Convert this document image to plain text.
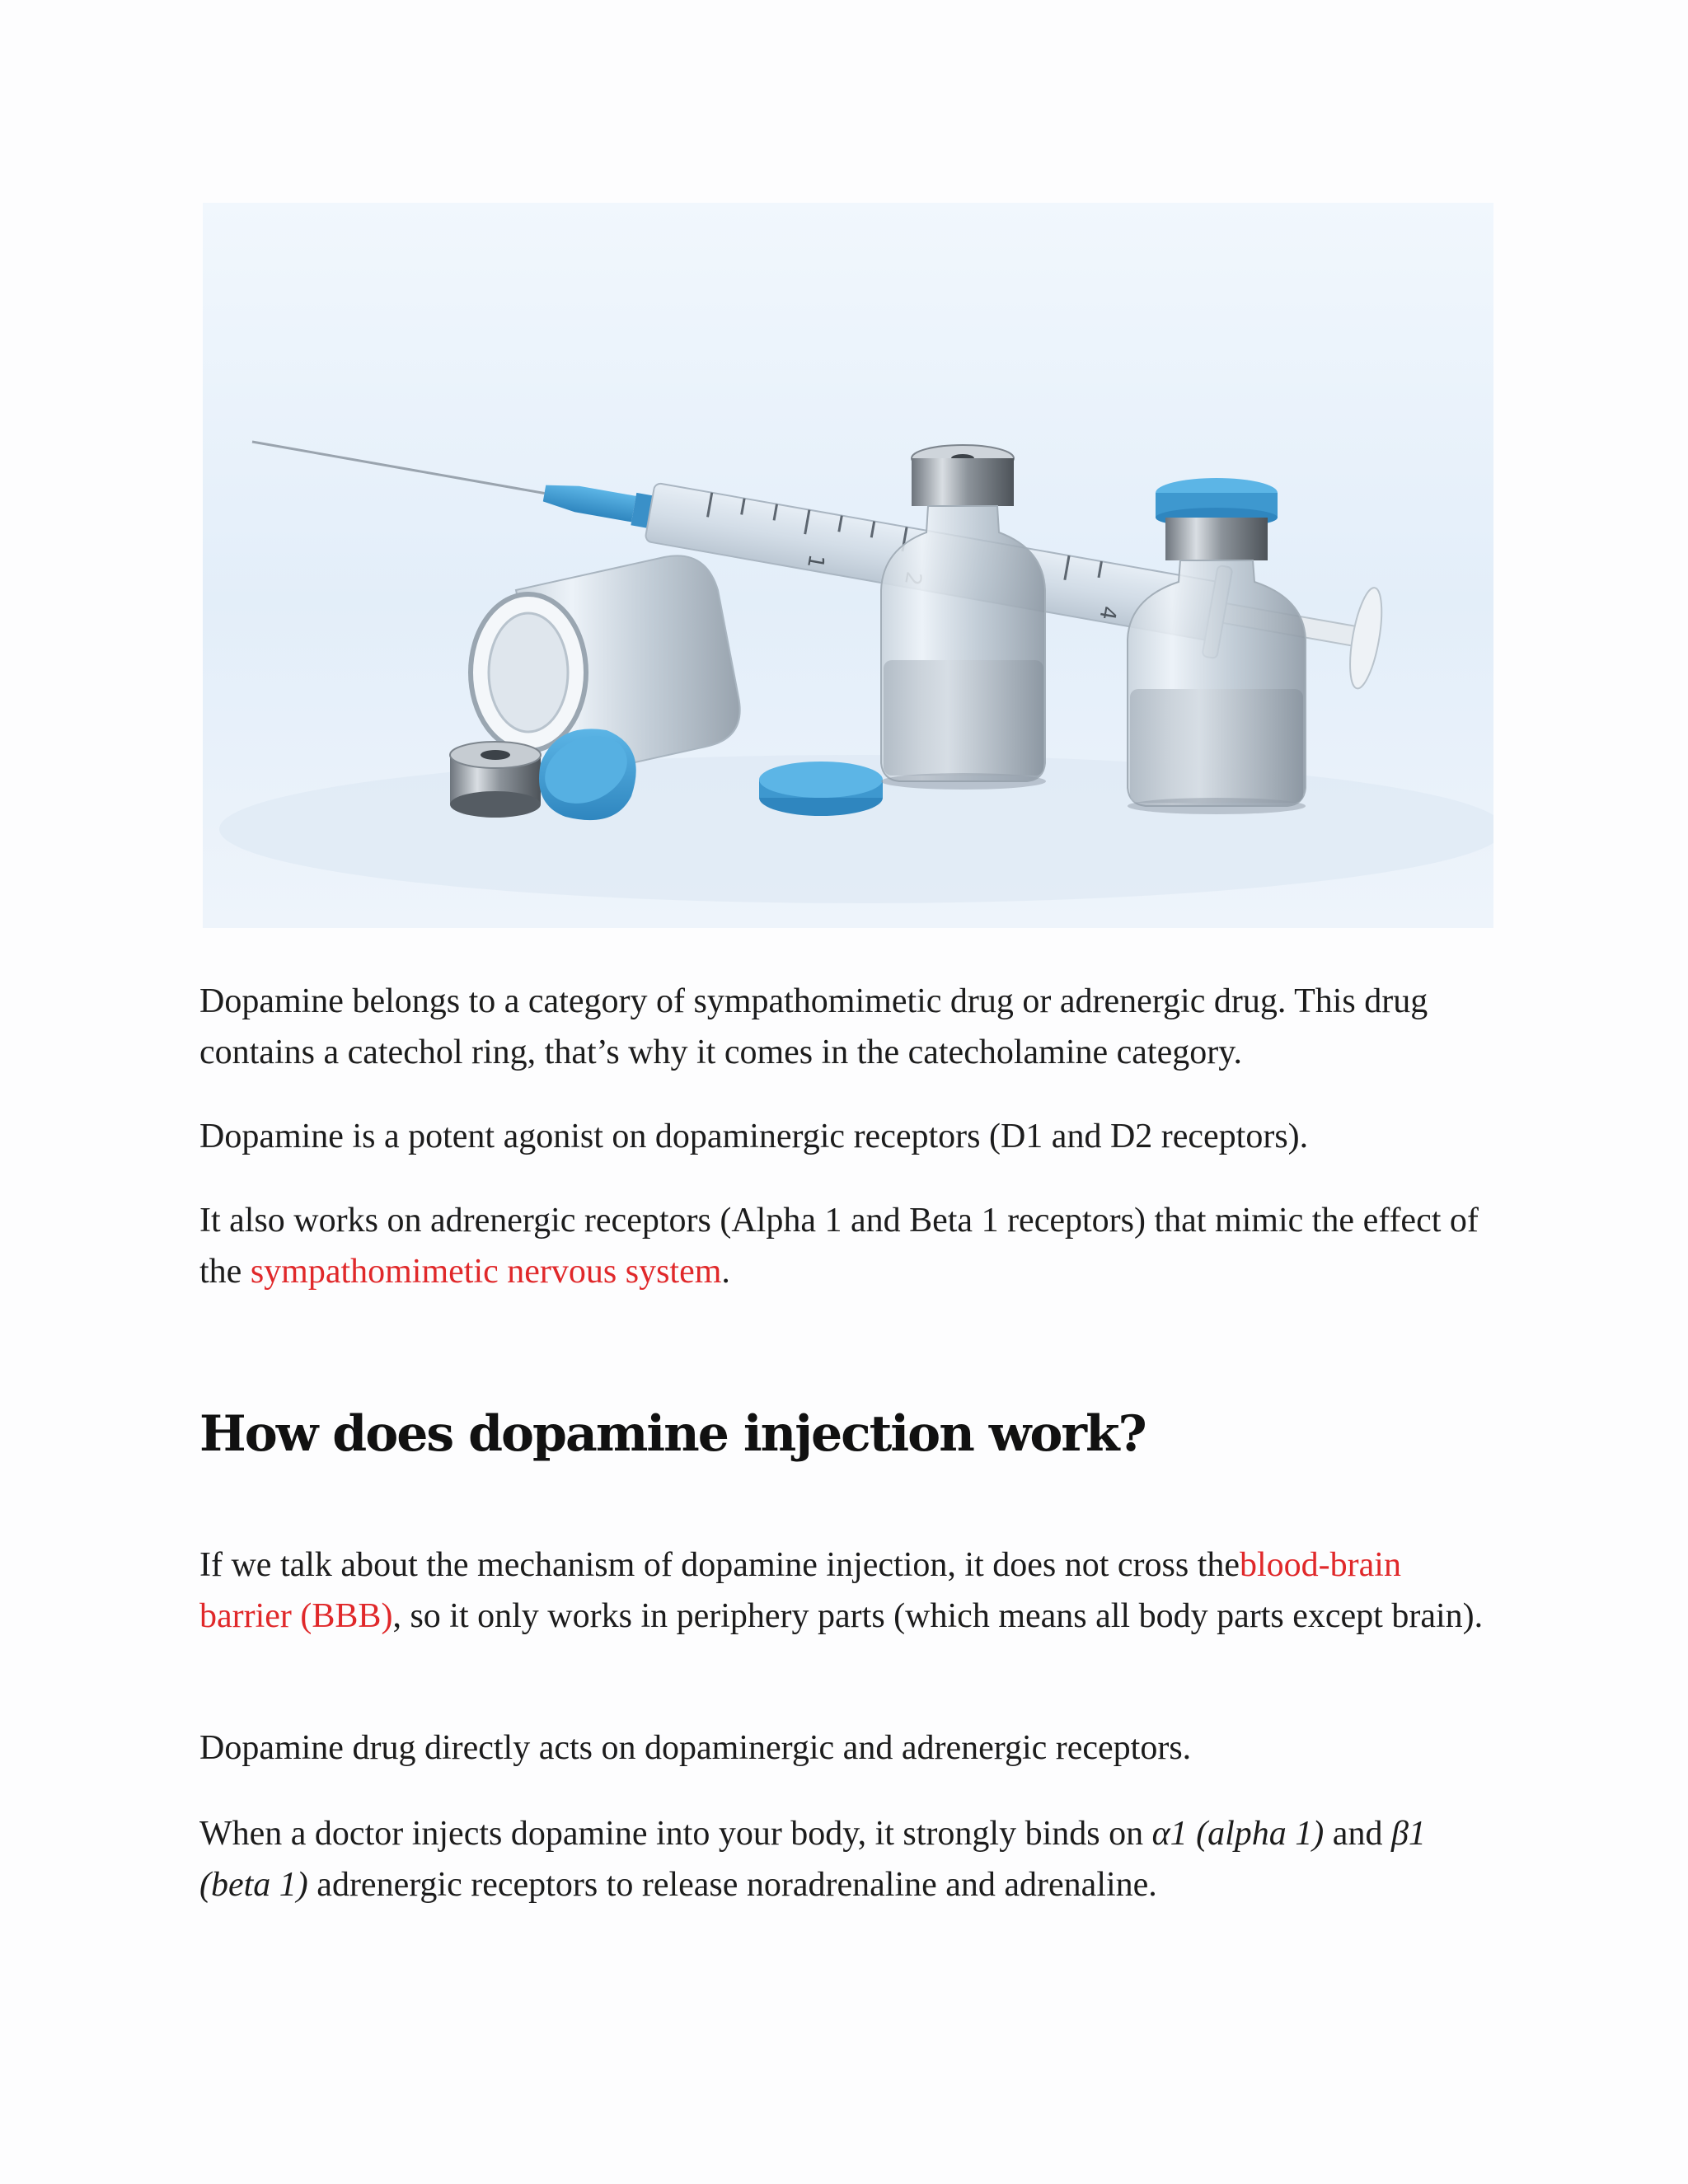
1
4

Dopamine belongs to a category of sympathomimetic drug or adrenergic drug. This drug contains a catechol ring, that’s why it comes in the catecholamine category.

Dopamine is a potent agonist on dopaminergic receptors (D1 and D2 receptors).

It also works on adrenergic receptors (Alpha 1 and Beta 1 receptors) that mimic the effect of the sympathomimetic nervous system.

How does dopamine injection work?

If we talk about the mechanism of dopamine injection, it does not cross theblood-brain barrier (BBB), so it only works in periphery parts (which means all body parts except brain).

Dopamine drug directly acts on dopaminergic and adrenergic receptors.

When a doctor injects dopamine into your body, it strongly binds on α1 (alpha 1) and β1 (beta 1) adrenergic receptors to release noradrenaline and adrenaline.
